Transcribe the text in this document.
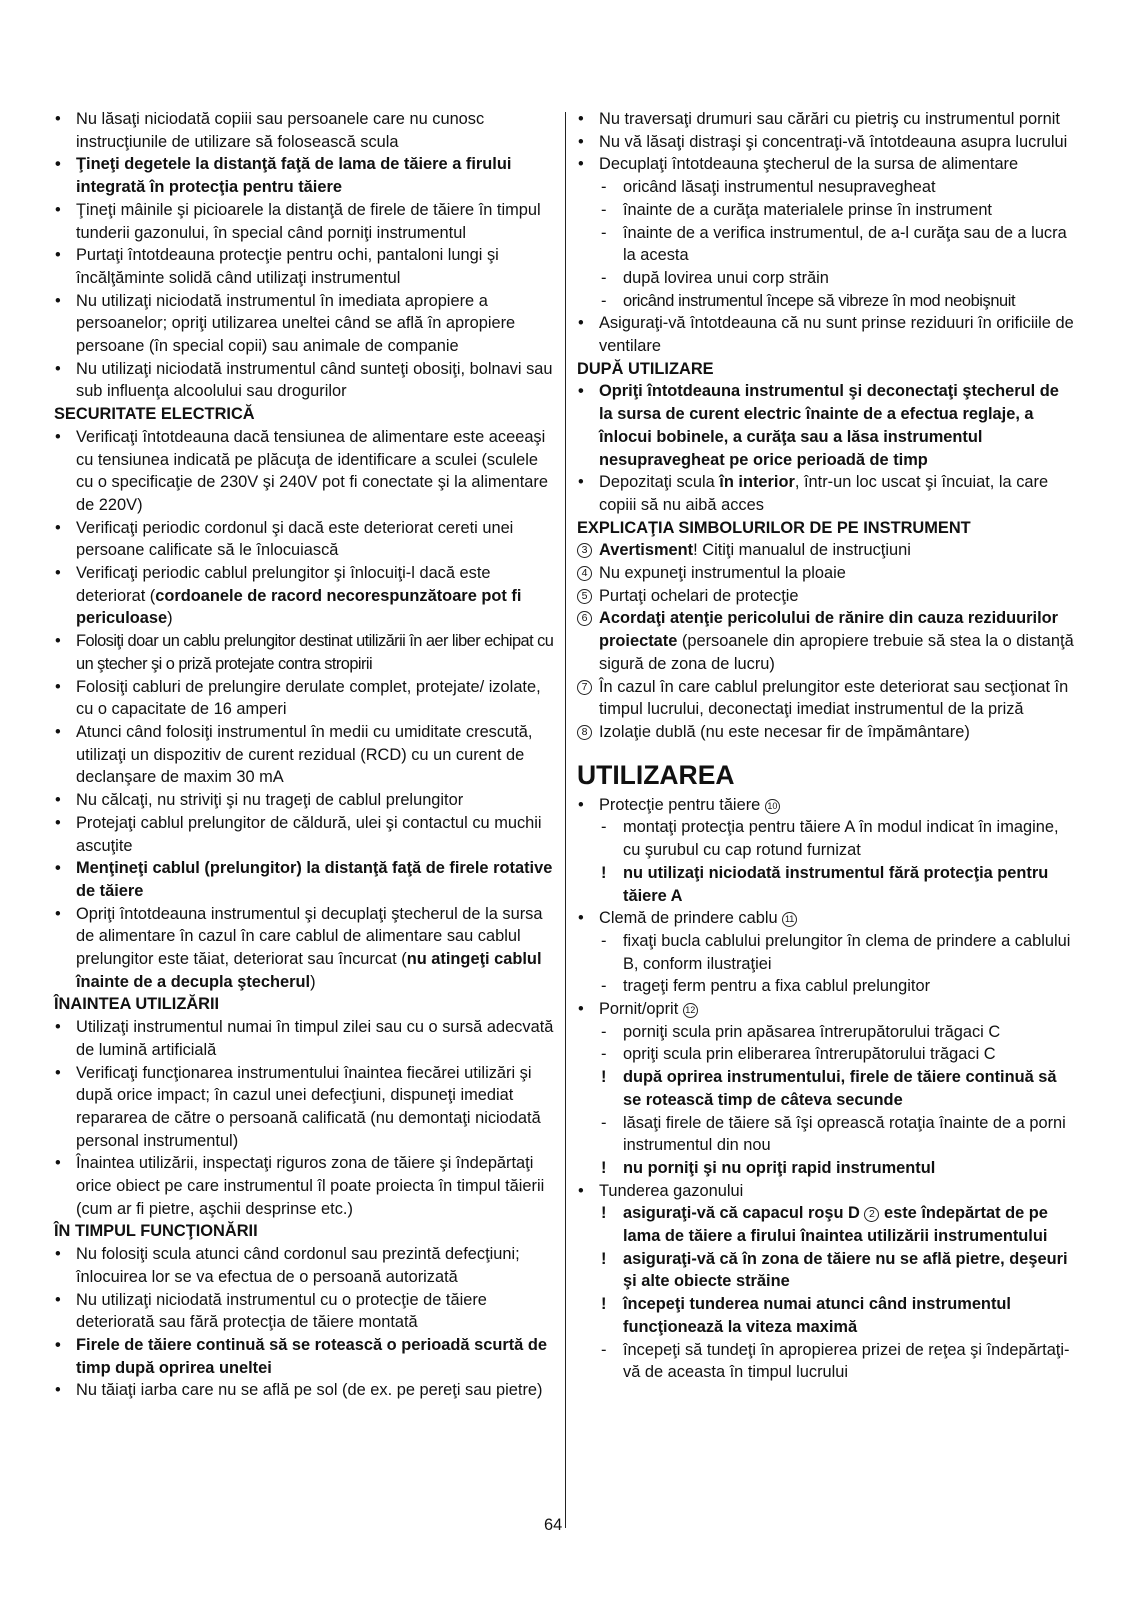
• Nu lăsaţi niciodată copiii sau persoanele care nu cunosc instrucţiunile de utilizare să folosească scula
• Ţineţi degetele la distanţă faţă de lama de tăiere a firului integrată în protecţia pentru tăiere
• Ţineţi mâinile şi picioarele la distanţă de firele de tăiere în timpul tunderii gazonului, în special când porniţi instrumentul
• Purtaţi întotdeauna protecţie pentru ochi, pantaloni lungi şi încălţăminte solidă când utilizaţi instrumentul
• Nu utilizaţi niciodată instrumentul în imediata apropiere a persoanelor; opriţi utilizarea uneltei când se află în apropiere persoane (în special copii) sau animale de companie
• Nu utilizaţi niciodată instrumentul când sunteţi obosiţi, bolnavi sau sub influenţa alcoolului sau drogurilor
SECURITATE ELECTRICĂ
• Verificaţi întotdeauna dacă tensiunea de alimentare este aceeaşi cu tensiunea indicată pe plăcuţa de identificare a sculei (sculele cu o specificaţie de 230V şi 240V pot fi conectate şi la alimentare de 220V)
• Verificaţi periodic cordonul şi dacă este deteriorat cereti unei persoane calificate să le înlocuiască
• Verificaţi periodic cablul prelungitor şi înlocuiţi-l dacă este deteriorat (cordoanele de racord necorespunzătoare pot fi periculoase)
• Folosiţi doar un cablu prelungitor destinat utilizării în aer liber echipat cu un ştecher şi o priză protejate contra stropirii
• Folosiţi cabluri de prelungire derulate complet, protejate/ izolate, cu o capacitate de 16 amperi
• Atunci când folosiţi instrumentul în medii cu umiditate crescută, utilizaţi un dispozitiv de curent rezidual (RCD) cu un curent de declanşare de maxim 30 mA
• Nu călcaţi, nu striviţi şi nu trageţi de cablul prelungitor
• Protejaţi cablul prelungitor de căldură, ulei şi contactul cu muchii ascuţite
• Menţineţi cablul (prelungitor) la distanţă faţă de firele rotative de tăiere
• Opriţi întotdeauna instrumentul şi decuplaţi ştecherul de la sursa de alimentare în cazul în care cablul de alimentare sau cablul prelungitor este tăiat, deteriorat sau încurcat (nu atingeţi cablul înainte de a decupla ştecherul)
ÎNAINTEA UTILIZĂRII
• Utilizaţi instrumentul numai în timpul zilei sau cu o sursă adecvată de lumină artificială
• Verificaţi funcţionarea instrumentului înaintea fiecărei utilizări şi după orice impact; în cazul unei defecţiuni, dispuneţi imediat repararea de către o persoană calificată (nu demontaţi niciodată personal instrumentul)
• Înaintea utilizării, inspectaţi riguros zona de tăiere şi îndepărtaţi orice obiect pe care instrumentul îl poate proiecta în timpul tăierii (cum ar fi pietre, aşchii desprinse etc.)
ÎN TIMPUL FUNCŢIONĂRII
• Nu folosiţi scula atunci când cordonul sau prezintă defecţiuni; înlocuirea lor se va efectua de o persoană autorizată
• Nu utilizaţi niciodată instrumentul cu o protecţie de tăiere deteriorată sau fără protecţia de tăiere montată
• Firele de tăiere continuă să se rotească o perioadă scurtă de timp după oprirea uneltei
• Nu tăiaţi iarba care nu se află pe sol (de ex. pe pereţi sau pietre)
• Nu traversaţi drumuri sau cărări cu pietriş cu instrumentul pornit
• Nu vă lăsaţi distraşi şi concentraţi-vă întotdeauna asupra lucrului
• Decuplaţi întotdeauna ştecherul de la sursa de alimentare
- oricând lăsaţi instrumentul nesupravegheat
- înainte de a curăţa materialele prinse în instrument
- înainte de a verifica instrumentul, de a-l curăţa sau de a lucra la acesta
- după lovirea unui corp străin
- oricând instrumentul începe să vibreze în mod neobişnuit
• Asiguraţi-vă întotdeauna că nu sunt prinse reziduuri în orificiile de ventilare
DUPĂ UTILIZARE
• Opriţi întotdeauna instrumentul şi deconectaţi ştecherul de la sursa de curent electric înainte de a efectua reglaje, a înlocui bobinele, a curăţa sau a lăsa instrumentul nesupravegheat pe orice perioadă de timp
• Depozitaţi scula în interior, într-un loc uscat şi încuiat, la care copiii să nu aibă acces
EXPLICAŢIA SIMBOLURILOR DE PE INSTRUMENT
3 Avertisment! Citiţi manualul de instrucţiuni
4 Nu expuneţi instrumentul la ploaie
5 Purtaţi ochelari de protecţie
6 Acordaţi atenţie pericolului de rănire din cauza reziduurilor proiectate (persoanele din apropiere trebuie să stea la o distanţă sigură de zona de lucru)
7 În cazul în care cablul prelungitor este deteriorat sau secţionat în timpul lucrului, deconectaţi imediat instrumentul de la priză
8 Izolaţie dublă (nu este necesar fir de împământare)
UTILIZAREA
• Protecţie pentru tăiere 10
- montaţi protecţia pentru tăiere A în modul indicat în imagine, cu şurubul cu cap rotund furnizat
! nu utilizaţi niciodată instrumentul fără protecţia pentru tăiere A
• Clemă de prindere cablu 11
- fixaţi bucla cablului prelungitor în clema de prindere a cablului B, conform ilustraţiei
- trageţi ferm pentru a fixa cablul prelungitor
• Pornit/oprit 12
- porniţi scula prin apăsarea întrerupătorului trăgaci C
- opriţi scula prin eliberarea întrerupătorului trăgaci C
! după oprirea instrumentului, firele de tăiere continuă să se rotească timp de câteva secunde
- lăsaţi firele de tăiere să îşi oprească rotaţia înainte de a porni instrumentul din nou
! nu porniţi şi nu opriţi rapid instrumentul
• Tunderea gazonului
! asiguraţi-vă că capacul roşu D 2 este îndepărtat de pe lama de tăiere a firului înaintea utilizării instrumentului
! asiguraţi-vă că în zona de tăiere nu se află pietre, deşeuri şi alte obiecte străine
! începeţi tunderea numai atunci când instrumentul funcţionează la viteza maximă
- începeţi să tundeţi în apropierea prizei de reţea şi îndepărtaţi-vă de aceasta în timpul lucrului
64
